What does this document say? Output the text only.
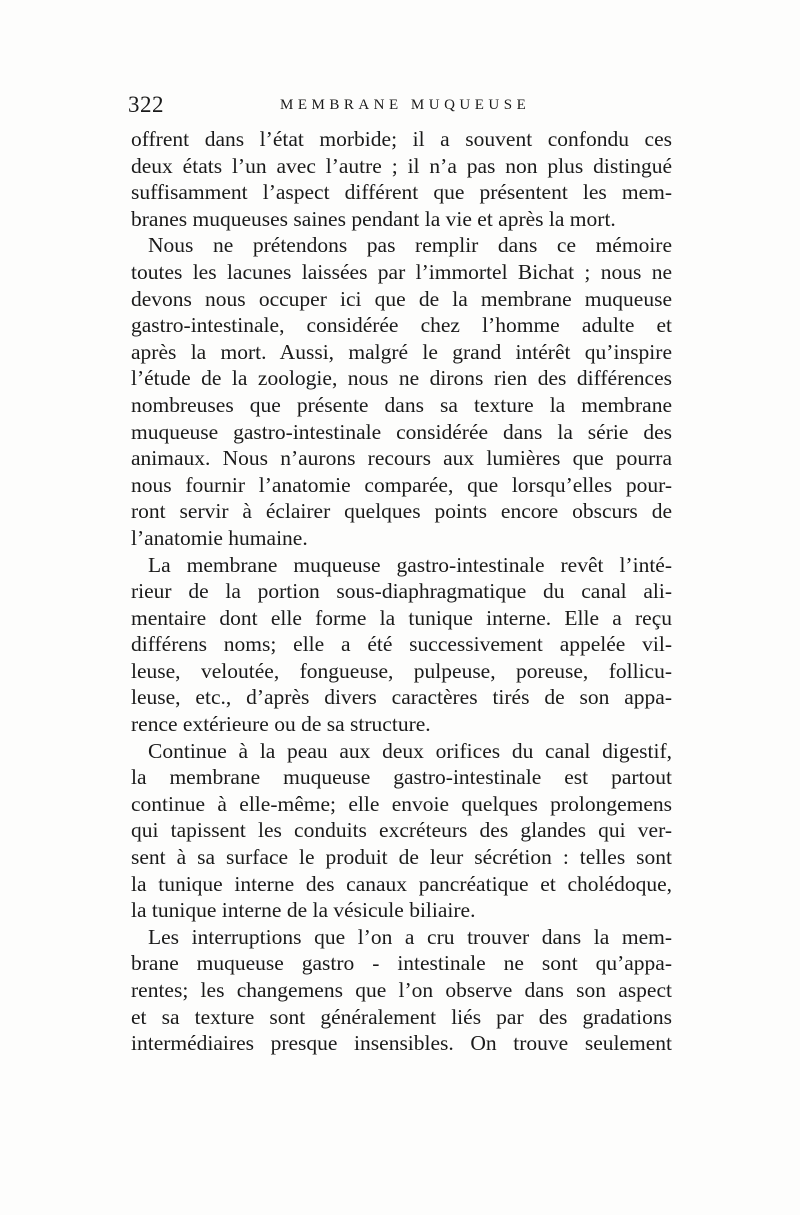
322	MEMBRANE MUQUEUSE
offrent dans l’état morbide; il a souvent confondu ces
deux états l’un avec l’autre ; il n’a pas non plus distingué
suffisamment l’aspect différent que présentent les mem-
branes muqueuses saines pendant la vie et après la mort.
Nous ne prétendons pas remplir dans ce mémoire
toutes les lacunes laissées par l’immortel Bichat ; nous ne
devons nous occuper ici que de la membrane muqueuse
gastro-intestinale, considérée chez l’homme adulte et
après la mort. Aussi, malgré le grand intérêt qu’inspire
l’étude de la zoologie, nous ne dirons rien des différences
nombreuses que présente dans sa texture la membrane
muqueuse gastro-intestinale considérée dans la série des
animaux. Nous n’aurons recours aux lumières que pourra
nous fournir l’anatomie comparée, que lorsqu’elles pour-
ront servir à éclairer quelques points encore obscurs de
l’anatomie humaine.
La membrane muqueuse gastro-intestinale revêt l’inté-
rieur de la portion sous-diaphragmatique du canal ali-
mentaire dont elle forme la tunique interne. Elle a reçu
différens noms; elle a été successivement appelée vil-
leuse, veloutée, fongueuse, pulpeuse, poreuse, follicu-
leuse, etc., d’après divers caractères tirés de son appa-
rence extérieure ou de sa structure.
Continue à la peau aux deux orifices du canal digestif,
la membrane muqueuse gastro-intestinale est partout
continue à elle-même; elle envoie quelques prolongemens
qui tapissent les conduits excréteurs des glandes qui ver-
sent à sa surface le produit de leur sécrétion : telles sont
la tunique interne des canaux pancréatique et cholédoque,
la tunique interne de la vésicule biliaire.
Les interruptions que l’on a cru trouver dans la mem-
brane muqueuse gastro - intestinale ne sont qu’appa-
rentes; les changemens que l’on observe dans son aspect
et sa texture sont généralement liés par des gradations
intermédiaires presque insensibles. On trouve seulement
